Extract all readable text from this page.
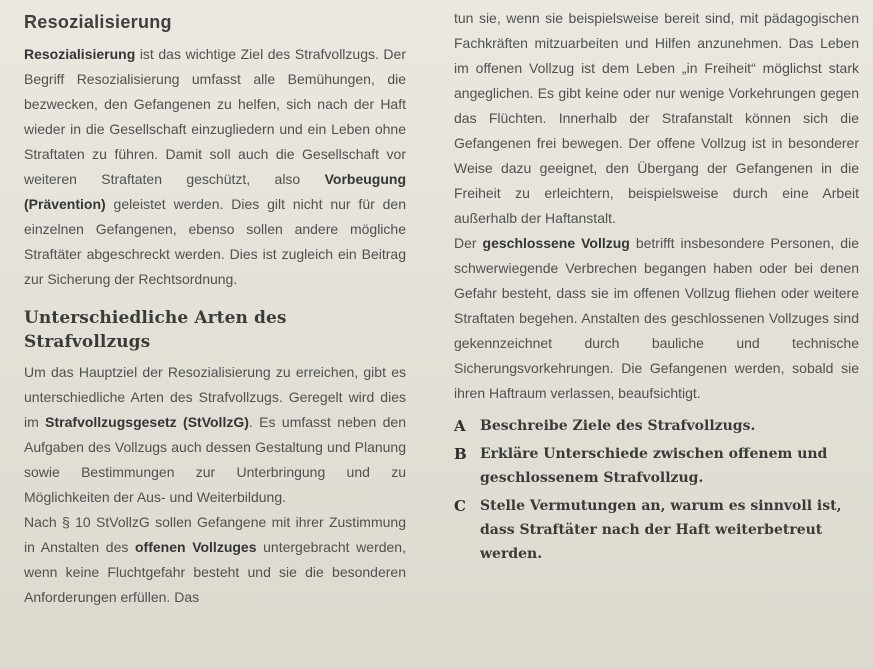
Resozialisierung

Resozialisierung ist das wichtige Ziel des Strafvollzugs. Der Begriff Resozialisierung umfasst alle Bemühungen, die bezwecken, den Gefangenen zu helfen, sich nach der Haft wieder in die Gesellschaft einzugliedern und ein Leben ohne Straftaten zu führen. Damit soll auch die Gesellschaft vor weiteren Straftaten geschützt, also Vorbeugung (Prävention) geleistet werden. Dies gilt nicht nur für den einzelnen Gefangenen, ebenso sollen andere mögliche Straftäter abgeschreckt werden. Dies ist zugleich ein Beitrag zur Sicherung der Rechtsordnung.

Unterschiedliche Arten des Strafvollzugs

Um das Hauptziel der Resozialisierung zu erreichen, gibt es unterschiedliche Arten des Strafvollzugs. Geregelt wird dies im Strafvollzugsgesetz (StVollzG). Es umfasst neben den Aufgaben des Vollzugs auch dessen Gestaltung und Planung sowie Bestimmungen zur Unterbringung und zu Möglichkeiten der Aus- und Weiterbildung.

Nach § 10 StVollzG sollen Gefangene mit ihrer Zustimmung in Anstalten des offenen Vollzuges untergebracht werden, wenn keine Fluchtgefahr besteht und sie die besonderen Anforderungen erfüllen. Das

tun sie, wenn sie beispielsweise bereit sind, mit pädagogischen Fachkräften mitzuarbeiten und Hilfen anzunehmen. Das Leben im offenen Vollzug ist dem Leben „in Freiheit“ möglichst stark angeglichen. Es gibt keine oder nur wenige Vorkehrungen gegen das Flüchten. Innerhalb der Strafanstalt können sich die Gefangenen frei bewegen. Der offene Vollzug ist in besonderer Weise dazu geeignet, den Übergang der Gefangenen in die Freiheit zu erleichtern, beispielsweise durch eine Arbeit außerhalb der Haftanstalt.

Der geschlossene Vollzug betrifft insbesondere Personen, die schwerwiegende Verbrechen begangen haben oder bei denen Gefahr besteht, dass sie im offenen Vollzug fliehen oder weitere Straftaten begehen. Anstalten des geschlossenen Vollzuges sind gekennzeichnet durch bauliche und technische Sicherungsvorkehrungen. Die Gefangenen werden, sobald sie ihren Haftraum verlassen, beaufsichtigt.

A Beschreibe Ziele des Strafvollzugs.
B Erkläre Unterschiede zwischen offenem und geschlossenem Strafvollzug.
C Stelle Vermutungen an, warum es sinnvoll ist, dass Straftäter nach der Haft weiterbetreut werden.
